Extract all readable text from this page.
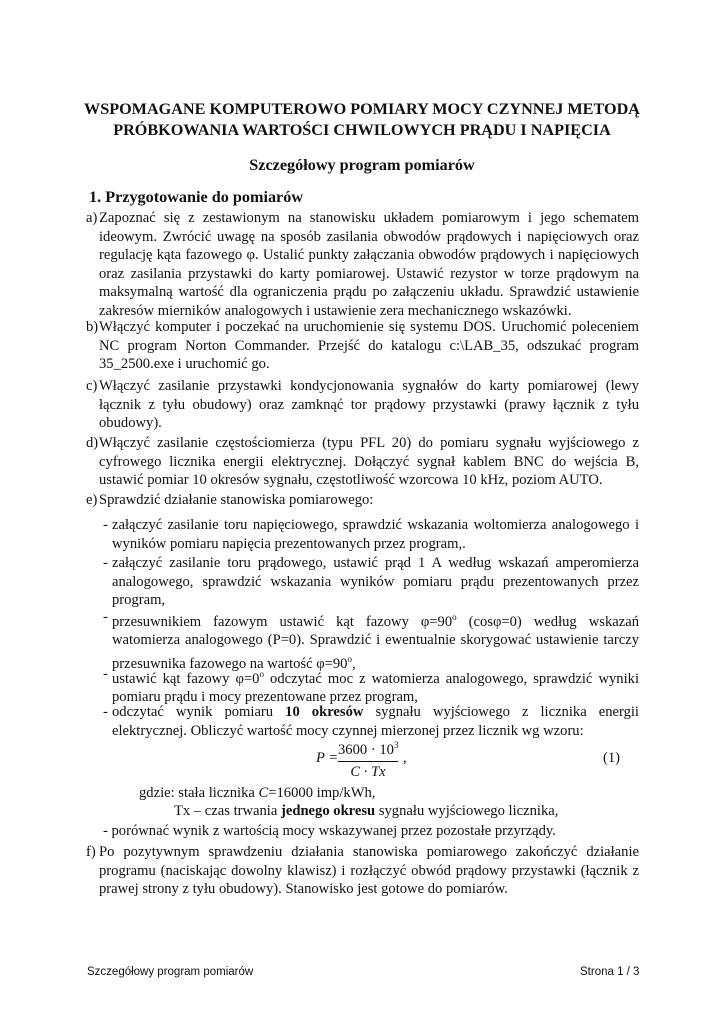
WSPOMAGANE KOMPUTEROWO POMIARY MOCY CZYNNEJ METODĄ
PRÓBKOWANIA WARTOŚCI CHWILOWYCH PRĄDU I NAPIĘCIA
Szczegółowy program pomiarów
1. Przygotowanie do pomiarów
a) Zapoznać się z zestawionym na stanowisku układem pomiarowym i jego schematem ideowym. Zwrócić uwagę na sposób zasilania obwodów prądowych i napięciowych oraz regulację kąta fazowego φ. Ustalić punkty załączania obwodów prądowych i napięciowych oraz zasilania przystawki do karty pomiarowej. Ustawić rezystor w torze prądowym na maksymalną wartość dla ograniczenia prądu po załączeniu układu. Sprawdzić ustawienie zakresów mierników analogowych i ustawienie zera mechanicznego wskazówki.
b) Włączyć komputer i poczekać na uruchomienie się systemu DOS. Uruchomić poleceniem NC program Norton Commander. Przejść do katalogu c:\LAB_35, odszukać program 35_2500.exe i uruchomić go.
c) Włączyć zasilanie przystawki kondycjonowania sygnałów do karty pomiarowej (lewy łącznik z tyłu obudowy) oraz zamknąć tor prądowy przystawki (prawy łącznik z tyłu obudowy).
d) Włączyć zasilanie częstościomierza (typu PFL 20) do pomiaru sygnału wyjściowego z cyfrowego licznika energii elektrycznej. Dołączyć sygnał kablem BNC do wejścia B, ustawić pomiar 10 okresów sygnału, częstotliwość wzorcowa 10 kHz, poziom AUTO.
e) Sprawdzić działanie stanowiska pomiarowego:
- załączyć zasilanie toru napięciowego, sprawdzić wskazania woltomierza analogowego i wyników pomiaru napięcia prezentowanych przez program,.
- załączyć zasilanie toru prądowego, ustawić prąd 1 A według wskazań amperomierza analogowego, sprawdzić wskazania wyników pomiaru prądu prezentowanych przez program,
- przesuwnikiem fazowym ustawić kąt fazowy $\varphi=90^o$ (cosφ=0) według wskazań watomierza analogowego (P=0). Sprawdzić i ewentualnie skorygować ustawienie tarczy przesuwnika fazowego na wartość $\varphi=90^o$,
- ustawić kąt fazowy $\varphi=0^o$ odczytać moc z watomierza analogowego, sprawdzić wyniki pomiaru prądu i mocy prezentowane przez program,
- odczytać wynik pomiaru 10 okresów sygnału wyjściowego z licznika energii elektrycznej. Obliczyć wartość mocy czynnej mierzonej przez licznik wg wzoru:
$P = \frac{3600 \cdot 10^3}{C \cdot Tx}$ ,	(1)
gdzie: stała licznika C=16000 imp/kWh,
Tx – czas trwania jednego okresu sygnału wyjściowego licznika,
- porównać wynik z wartością mocy wskazywanej przez pozostałe przyrządy.
f) Po pozytywnym sprawdzeniu działania stanowiska pomiarowego zakończyć działanie programu (naciskając dowolny klawisz) i rozłączyć obwód prądowy przystawki (łącznik z prawej strony z tyłu obudowy). Stanowisko jest gotowe do pomiarów.
Szczegółowy program pomiarów	Strona 1 / 3
